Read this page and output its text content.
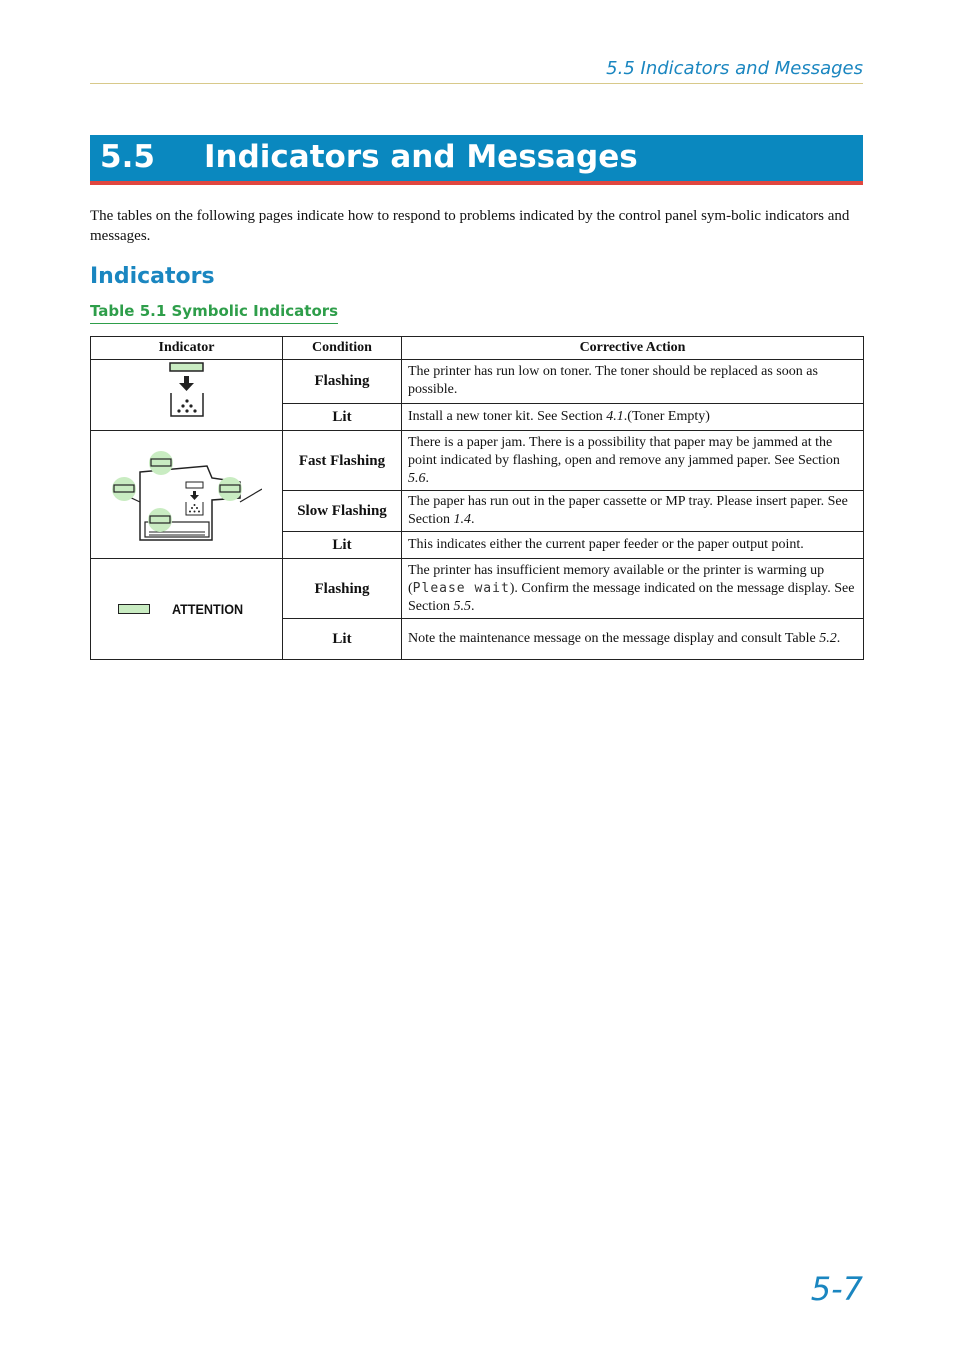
5.5 Indicators and Messages
5.5 Indicators and Messages

The tables on the following pages indicate how to respond to problems indicated by the control panel sym-bolic indicators and messages.

Indicators
Table 5.1 Symbolic Indicators
Indicator	Condition	Corrective Action
	Flashing	The printer has run low on toner. The toner should be replaced as soon as possible.
	Lit	Install a new toner kit. See Section 4.1.(Toner Empty)
	Fast Flashing	There is a paper jam. There is a possibility that paper may be jammed at the point indicated by flashing, open and remove any jammed paper. See Section 5.6.
	Slow Flashing	The paper has run out in the paper cassette or MP tray. Please insert paper. See Section 1.4.
	Lit	This indicates either the current paper feeder or the paper output point.

ATTENTION	Flashing	The printer has insufficient memory available or the printer is warming up (Please wait). Confirm the message indicated on the message display. See Section 5.5.
	Lit	Note the maintenance message on the message display and consult Table 5.2.
5-7
